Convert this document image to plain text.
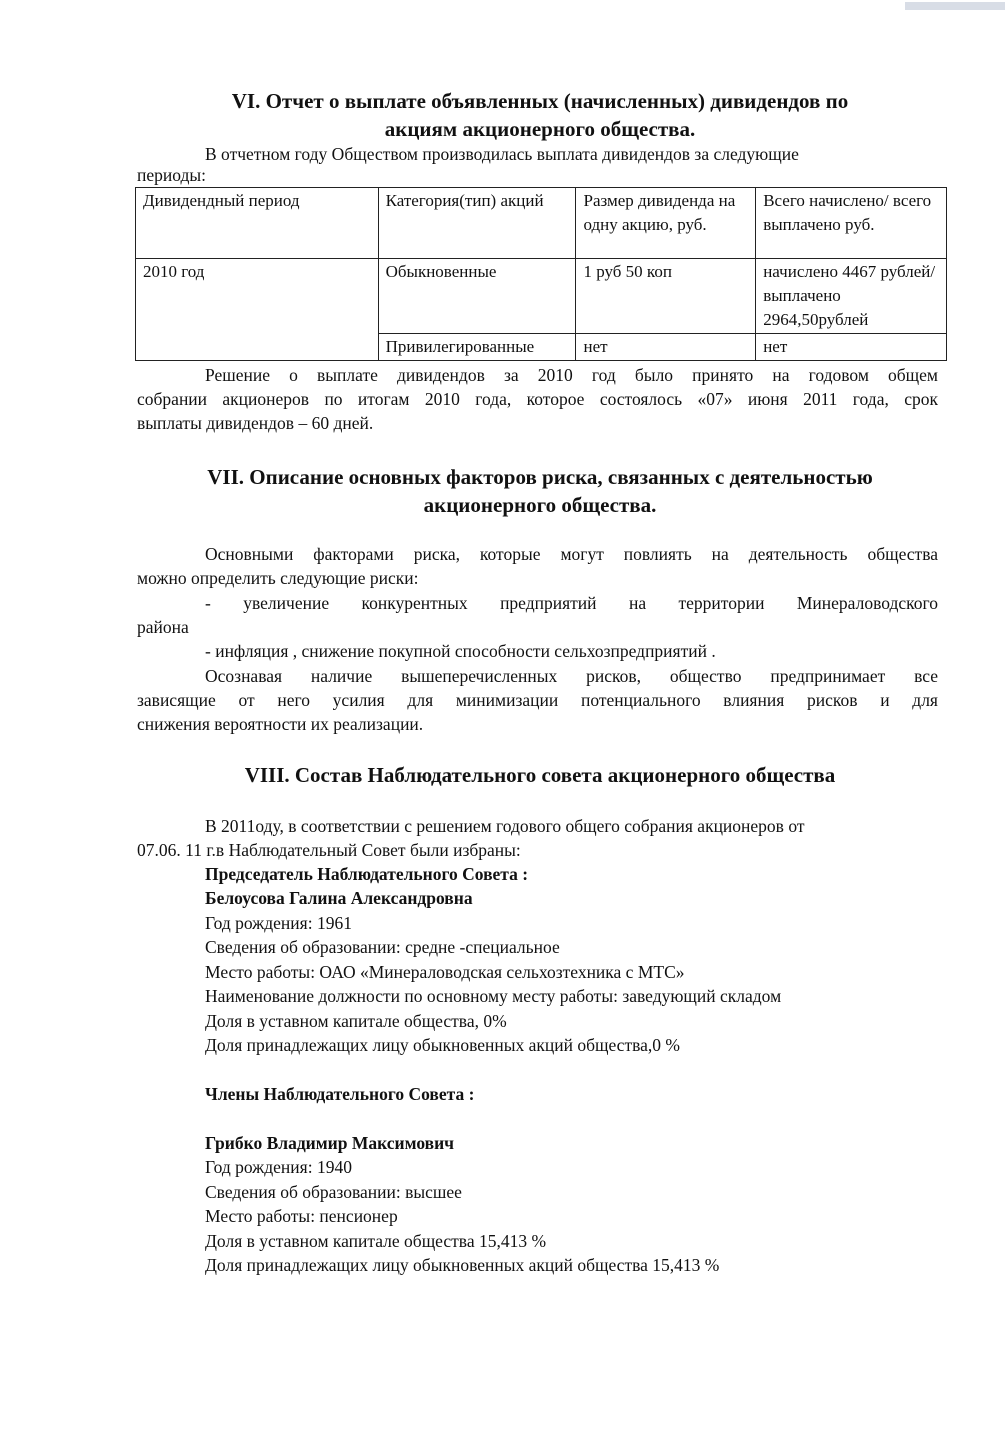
VI. Отчет о выплате объявленных (начисленных) дивидендов по
акциям акционерного общества.
В отчетном году Обществом производилась выплата дивидендов за следующие
периоды:
Дивидендный период	Категория(тип) акций	Размер дивиденда на одну акцию, руб.	Всего начислено/ всего выплачено руб.
2010 год	Обыкновенные	1 руб 50 коп	начислено 4467 рублей/ выплачено 2964,50рублей
	Привилегированные	нет	нет
Решение о выплате дивидендов за 2010 год было принято на годовом общем
собрании акционеров по итогам 2010 года, которое состоялось «07» июня 2011 года, срок
выплаты дивидендов – 60 дней.
VII. Описание основных факторов риска, связанных с деятельностью
акционерного общества.
Основными факторами риска, которые могут повлиять на деятельность общества
можно определить следующие риски:
- увеличение конкурентных предприятий на территории Минераловодского
района
- инфляция , снижение покупной способности сельхозпредприятий .
Осознавая наличие вышеперечисленных рисков, общество предпринимает все
зависящие от него усилия для минимизации потенциального влияния рисков и для
снижения вероятности их реализации.
VIII. Состав Наблюдательного совета акционерного общества
В 2011оду, в соответствии с решением годового общего собрания акционеров от
07.06. 11 г.в Наблюдательный Совет были избраны:
Председатель Наблюдательного Совета :
Белоусова Галина Александровна
Год рождения: 1961
Сведения об образовании: средне -специальное
Место работы: ОАО «Минераловодская сельхозтехника с МТС»
Наименование должности по основному месту работы: заведующий складом
Доля в уставном капитале общества, 0%
Доля принадлежащих лицу обыкновенных акций общества,0 %
Члены Наблюдательного Совета :
Грибко Владимир Максимович
Год рождения: 1940
Сведения об образовании: высшее
Место работы: пенсионер
Доля в уставном капитале общества 15,413 %
Доля принадлежащих лицу обыкновенных акций общества 15,413 %
